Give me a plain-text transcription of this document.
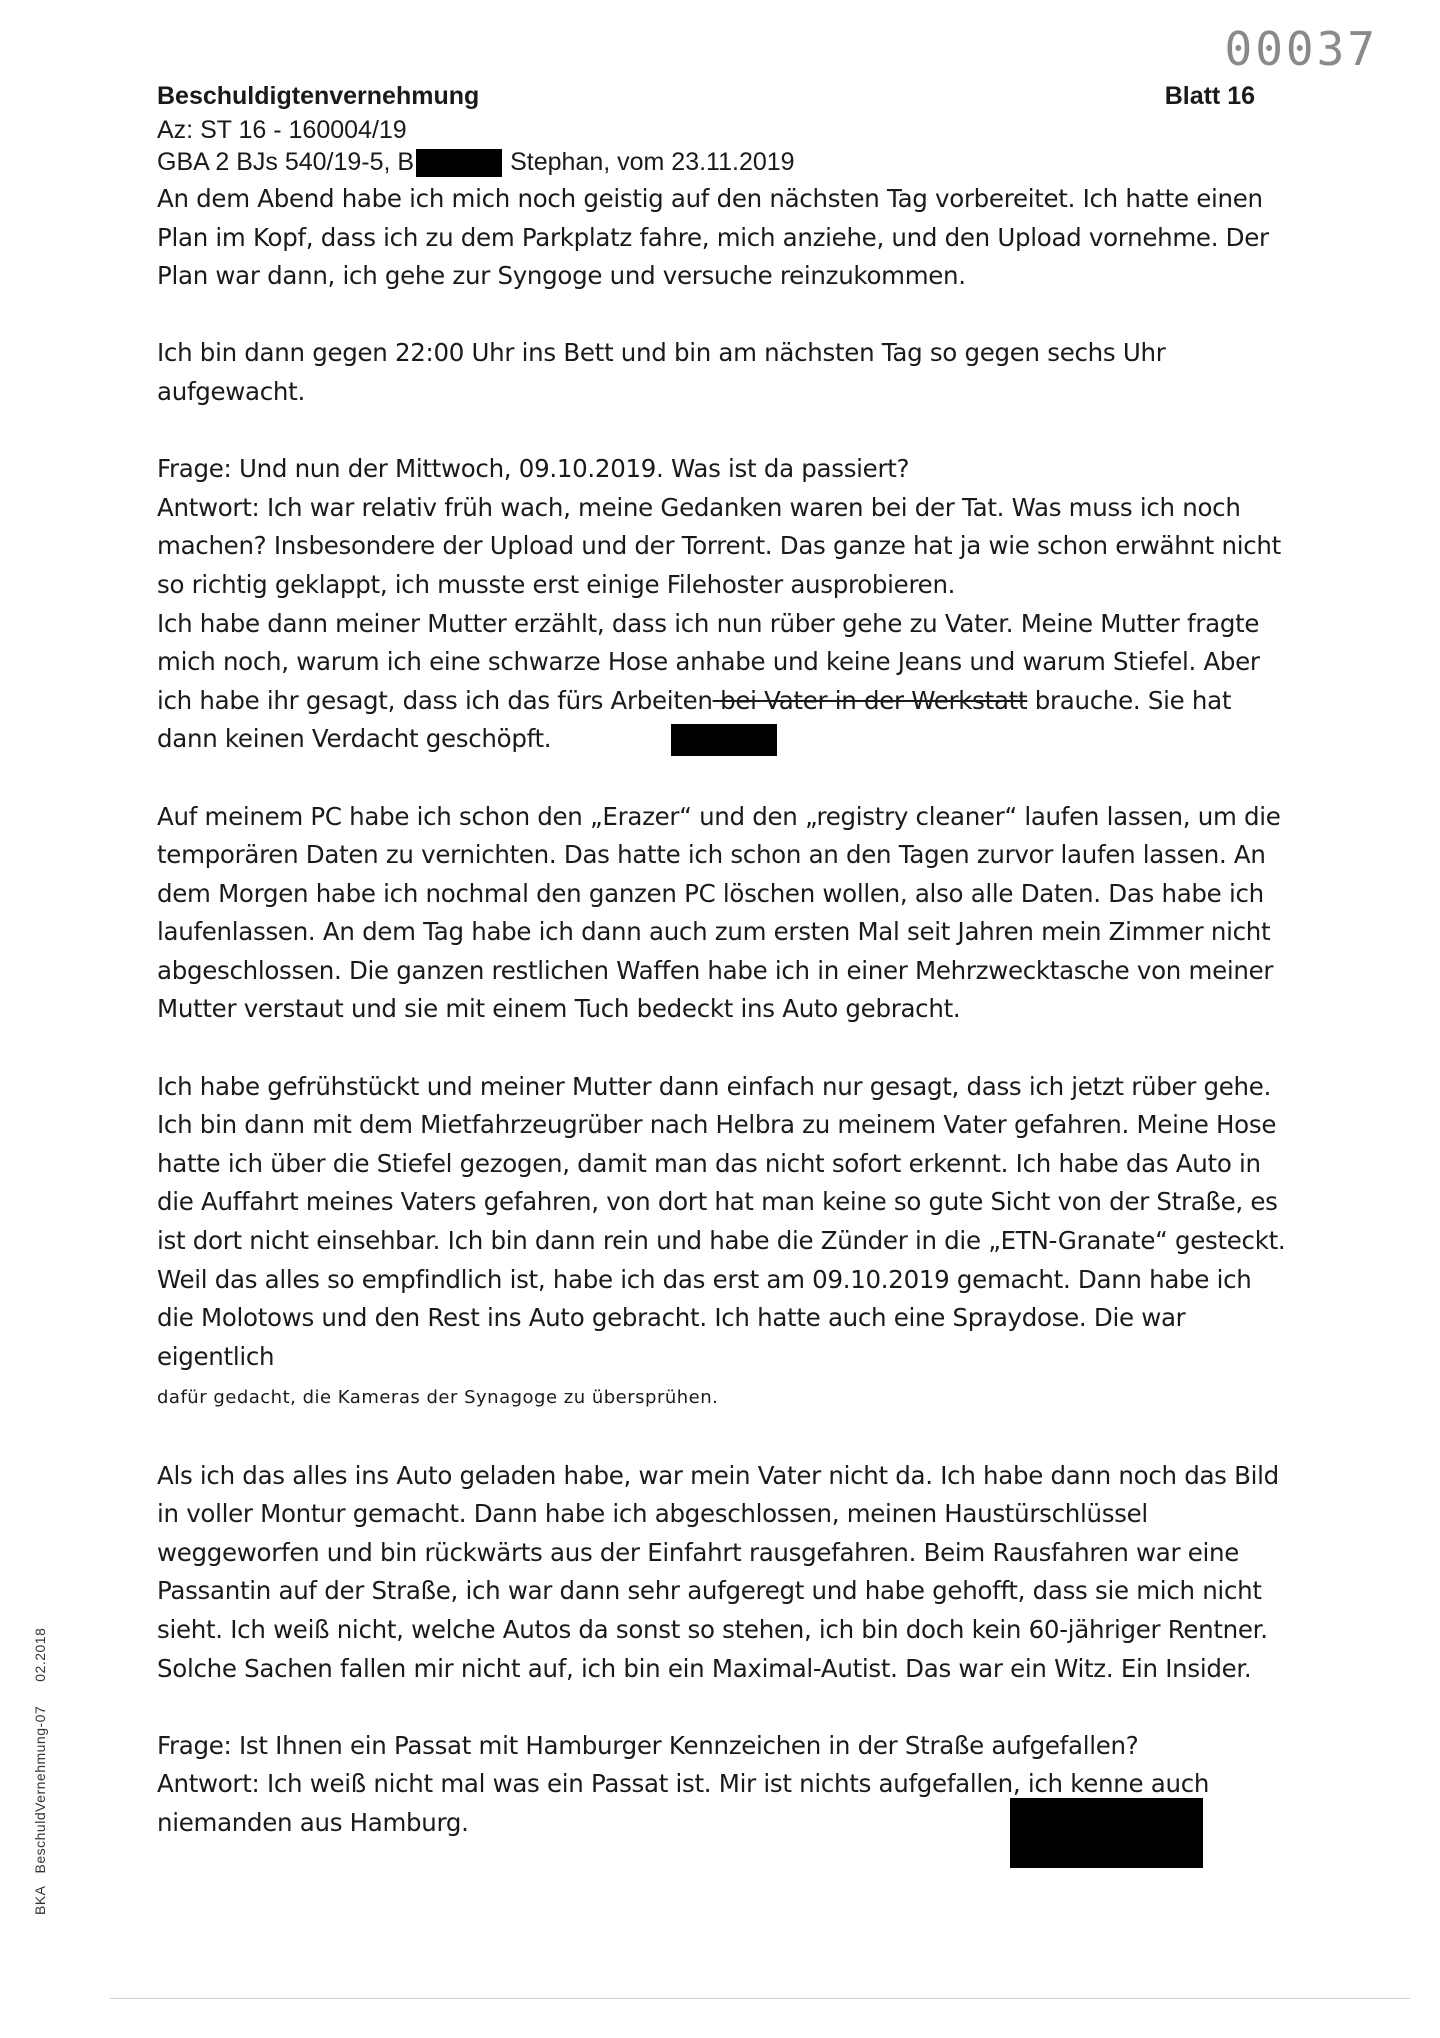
00037
Beschuldigtenvernehmung	Blatt 16
Az: ST 16 - 160004/19
GBA 2 BJs 540/19-5, B	Stephan, vom 23.11.2019

An dem Abend habe ich mich noch geistig auf den nächsten Tag vorbereitet. Ich hatte einen Plan im Kopf, dass ich zu dem Parkplatz fahre, mich anziehe, und den Upload vornehme. Der Plan war dann, ich gehe zur Syngoge und versuche reinzukommen.

Ich bin dann gegen 22:00 Uhr ins Bett und bin am nächsten Tag so gegen sechs Uhr aufgewacht.

Frage: Und nun der Mittwoch, 09.10.2019. Was ist da passiert?

Antwort: Ich war relativ früh wach, meine Gedanken waren bei der Tat. Was muss ich noch machen? Insbesondere der Upload und der Torrent. Das ganze hat ja wie schon erwähnt nicht so richtig geklappt, ich musste erst einige Filehoster ausprobieren.

Ich habe dann meiner Mutter erzählt, dass ich nun rüber gehe zu Vater. Meine Mutter fragte mich noch, warum ich eine schwarze Hose anhabe und keine Jeans und warum Stiefel. Aber ich habe ihr gesagt, dass ich das fürs Arbeiten bei Vater in der Werkstatt brauche. Sie hat dann keinen Verdacht geschöpft.

Auf meinem PC habe ich schon den „Erazer“ und den „registry cleaner“ laufen lassen, um die temporären Daten zu vernichten. Das hatte ich schon an den Tagen zurvor laufen lassen. An dem Morgen habe ich nochmal den ganzen PC löschen wollen, also alle Daten. Das habe ich laufenlassen. An dem Tag habe ich dann auch zum ersten Mal seit Jahren mein Zimmer nicht abgeschlossen. Die ganzen restlichen Waffen habe ich in einer Mehrzwecktasche von meiner Mutter verstaut und sie mit einem Tuch bedeckt ins Auto gebracht.

Ich habe gefrühstückt und meiner Mutter dann einfach nur gesagt, dass ich jetzt rüber gehe. Ich bin dann mit dem Mietfahrzeugrüber nach Helbra zu meinem Vater gefahren. Meine Hose hatte ich über die Stiefel gezogen, damit man das nicht sofort erkennt. Ich habe das Auto in die Auffahrt meines Vaters gefahren, von dort hat man keine so gute Sicht von der Straße, es ist dort nicht einsehbar. Ich bin dann rein und habe die Zünder in die „ETN-Granate“ gesteckt. Weil das alles so empfindlich ist, habe ich das erst am 09.10.2019 gemacht. Dann habe ich die Molotows und den Rest ins Auto gebracht. Ich hatte auch eine Spraydose. Die war eigentlich
dafür gedacht, die Kameras der Synagoge zu übersprühen.

Als ich das alles ins Auto geladen habe, war mein Vater nicht da. Ich habe dann noch das Bild in voller Montur gemacht. Dann habe ich abgeschlossen, meinen Haustürschlüssel weggeworfen und bin rückwärts aus der Einfahrt rausgefahren. Beim Rausfahren war eine Passantin auf der Straße, ich war dann sehr aufgeregt und habe gehofft, dass sie mich nicht sieht. Ich weiß nicht, welche Autos da sonst so stehen, ich bin doch kein 60-jähriger Rentner. Solche Sachen fallen mir nicht auf, ich bin ein Maximal-Autist. Das war ein Witz. Ein Insider.

Frage: Ist Ihnen ein Passat mit Hamburger Kennzeichen in der Straße aufgefallen?

Antwort: Ich weiß nicht mal was ein Passat ist. Mir ist nichts aufgefallen, ich kenne auch niemanden aus Hamburg.

BKABeschuldVernehmung-0702.2018
